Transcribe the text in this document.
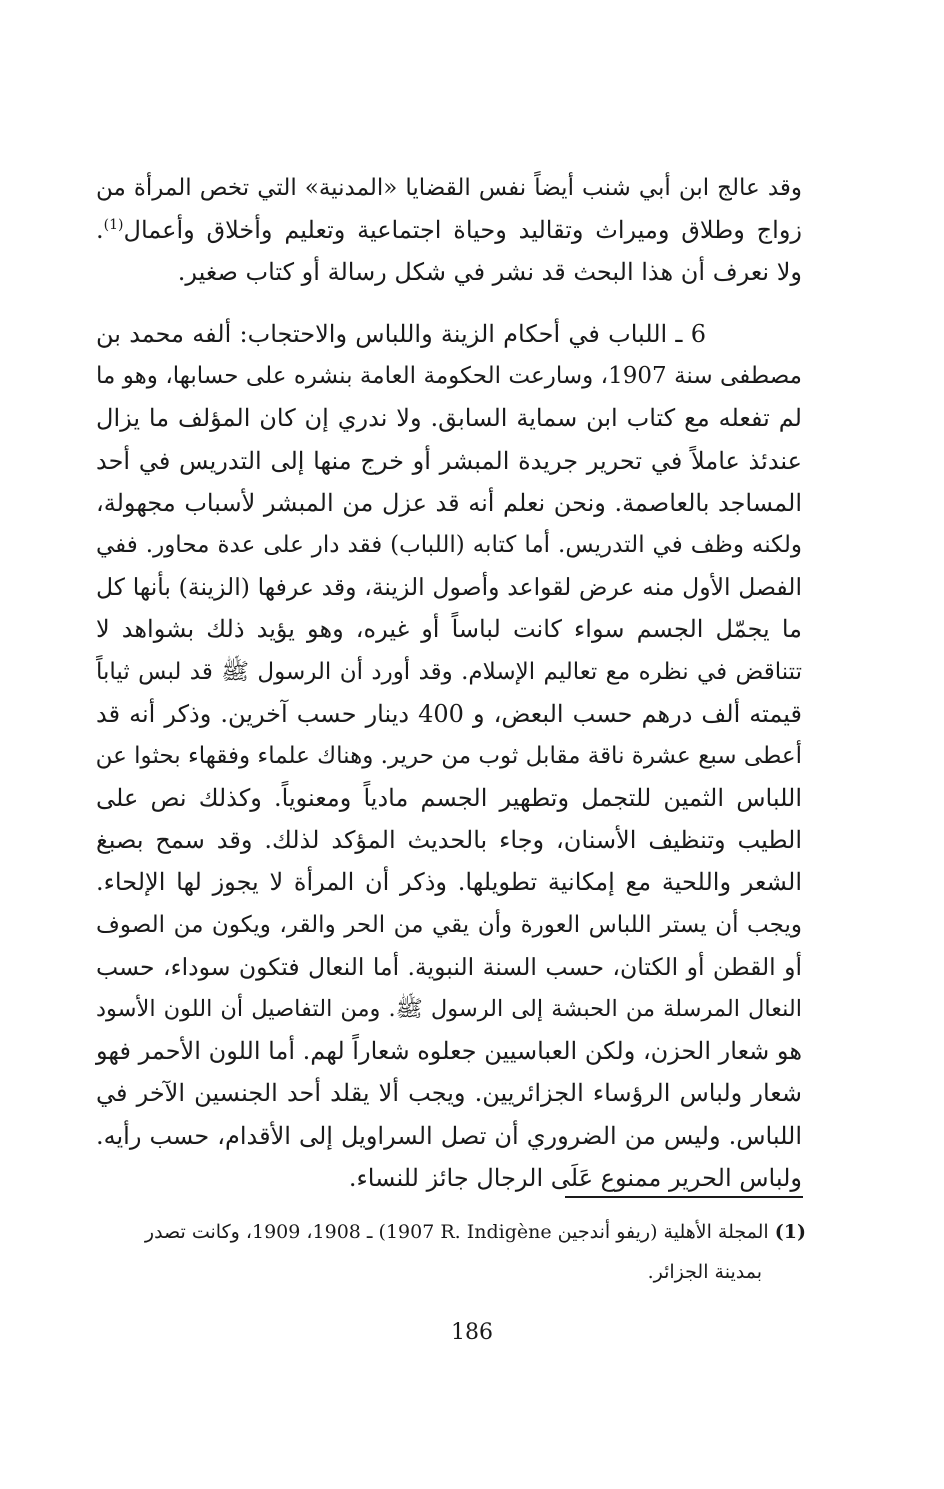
وقد عالج ابن أبي شنب أيضاً نفس القضايا «المدنية» التي تخص المرأة من
زواج وطلاق وميراث وتقاليد وحياة اجتماعية وتعليم وأخلاق وأعمال$^{(1)}$.
ولا نعرف أن هذا البحث قد نشر في شكل رسالة أو كتاب صغير.
6 ـ اللباب في أحكام الزينة واللباس والاحتجاب: ألفه محمد بن
مصطفى سنة 1907، وسارعت الحكومة العامة بنشره على حسابها، وهو ما
لم تفعله مع كتاب ابن سماية السابق. ولا ندري إن كان المؤلف ما يزال
عندئذ عاملاً في تحرير جريدة المبشر أو خرج منها إلى التدريس في أحد
المساجد بالعاصمة. ونحن نعلم أنه قد عزل من المبشر لأسباب مجهولة،
ولكنه وظف في التدريس. أما كتابه (اللباب) فقد دار على عدة محاور. ففي
الفصل الأول منه عرض لقواعد وأصول الزينة، وقد عرفها (الزينة) بأنها كل
ما يجمّل الجسم سواء كانت لباساً أو غيره، وهو يؤيد ذلك بشواهد لا
تتناقض في نظره مع تعاليم الإسلام. وقد أورد أن الرسول ﷺ قد لبس ثياباً
قيمته ألف درهم حسب البعض، و 400 دينار حسب آخرين. وذكر أنه قد
أعطى سبع عشرة ناقة مقابل ثوب من حرير. وهناك علماء وفقهاء بحثوا عن
اللباس الثمين للتجمل وتطهير الجسم مادياً ومعنوياً. وكذلك نص على
الطيب وتنظيف الأسنان، وجاء بالحديث المؤكد لذلك. وقد سمح بصبغ
الشعر واللحية مع إمكانية تطويلها. وذكر أن المرأة لا يجوز لها الإلحاء.
ويجب أن يستر اللباس العورة وأن يقي من الحر والقر، ويكون من الصوف
أو القطن أو الكتان، حسب السنة النبوية. أما النعال فتكون سوداء، حسب
النعال المرسلة من الحبشة إلى الرسول ﷺ. ومن التفاصيل أن اللون الأسود
هو شعار الحزن، ولكن العباسيين جعلوه شعاراً لهم. أما اللون الأحمر فهو
شعار ولباس الرؤساء الجزائريين. ويجب ألا يقلد أحد الجنسين الآخر في
اللباس. وليس من الضروري أن تصل السراويل إلى الأقدام، حسب رأيه.
ولباس الحرير ممنوع عَلَى الرجال جائز للنساء.
(1) المجلة الأهلية (ريفو أندجين R. Indigène 1907) ـ 1908، 1909، وكانت تصدر
بمدينة الجزائر.
186
